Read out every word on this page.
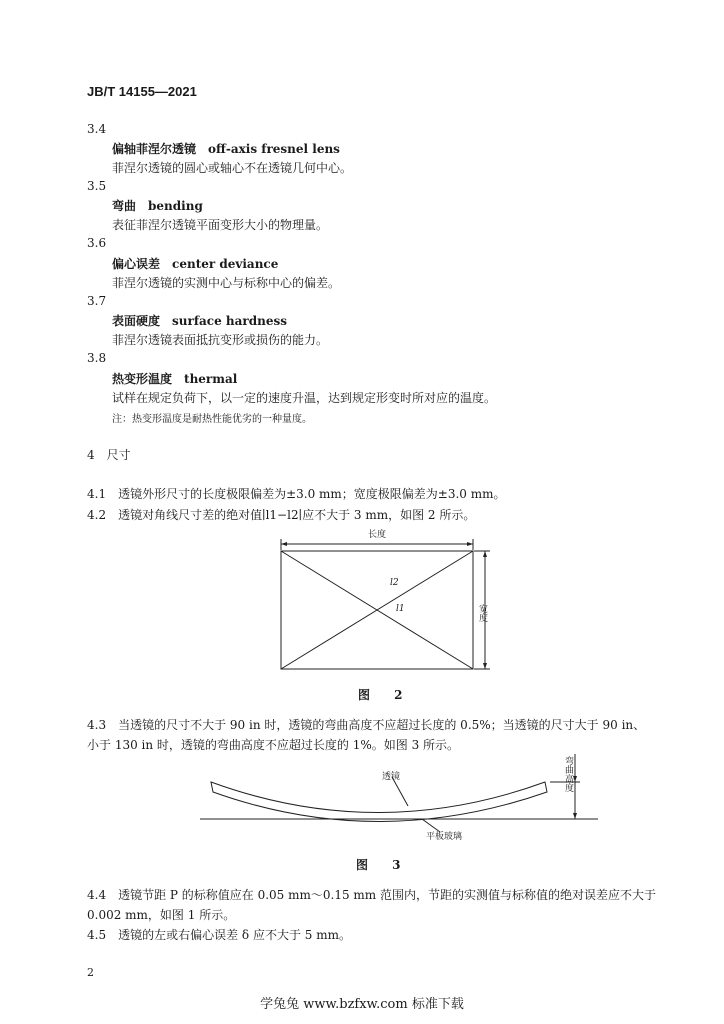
JB/T 14155—2021
3.4
偏轴菲涅尔透镜　 off-axis fresnel lens
菲涅尔透镜的圆心或轴心不在透镜几何中心。
3.5
弯曲　 bending
表征菲涅尔透镜平面变形大小的物理量。
3.6
偏心误差　 center deviance
菲涅尔透镜的实测中心与标称中心的偏差。
3.7
表面硬度　 surface hardness
菲涅尔透镜表面抵抗变形或损伤的能力。
3.8
热变形温度　 thermal
试样在规定负荷下，以一定的速度升温，达到规定形变时所对应的温度。
注：热变形温度是耐热性能优劣的一种量度。
4　尺寸
4.1　透镜外形尺寸的长度极限偏差为±3.0 mm；宽度极限偏差为±3.0 mm。
4.2　透镜对角线尺寸差的绝对值∣l1−l2∣应不大于 3 mm，如图 2 所示。
长度
宽度
l2
l1
图 2
4.3　当透镜的尺寸不大于 90 in 时，透镜的弯曲高度不应超过长度的 0.5%；当透镜的尺寸大于 90 in、
小于 130 in 时，透镜的弯曲高度不应超过长度的 1%。如图 3 所示。
透镜	弯曲高度
平板玻璃
图 3
4.4　透镜节距 P 的标称值应在 0.05 mm～0.15 mm 范围内，节距的实测值与标称值的绝对误差应不大于
0.002 mm，如图 1 所示。
4.5　透镜的左或右偏心误差 δ 应不大于 5 mm。
2
学兔兔 www.bzfxw.com 标准下载
